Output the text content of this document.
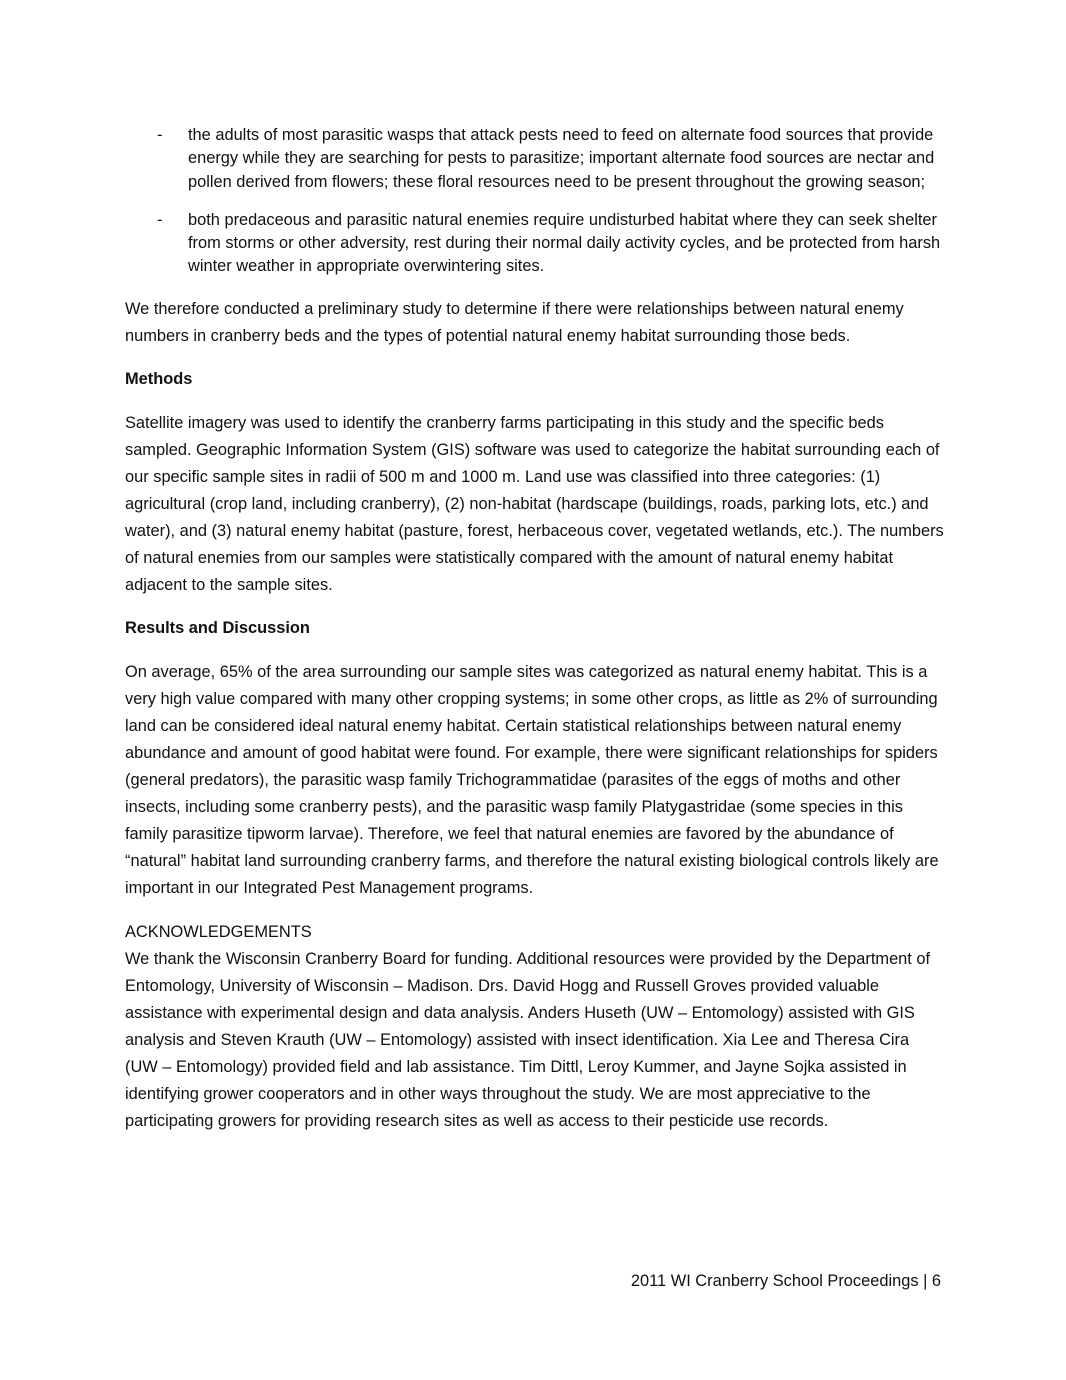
- the adults of most parasitic wasps that attack pests need to feed on alternate food sources that provide energy while they are searching for pests to parasitize; important alternate food sources are nectar and pollen derived from flowers; these floral resources need to be present throughout the growing season;
- both predaceous and parasitic natural enemies require undisturbed habitat where they can seek shelter from storms or other adversity, rest during their normal daily activity cycles, and be protected from harsh winter weather in appropriate overwintering sites.

We therefore conducted a preliminary study to determine if there were relationships between natural enemy numbers in cranberry beds and the types of potential natural enemy habitat surrounding those beds.

Methods

Satellite imagery was used to identify the cranberry farms participating in this study and the specific beds sampled. Geographic Information System (GIS) software was used to categorize the habitat surrounding each of our specific sample sites in radii of 500 m and 1000 m. Land use was classified into three categories: (1) agricultural (crop land, including cranberry), (2) non-habitat (hardscape (buildings, roads, parking lots, etc.) and water), and (3) natural enemy habitat (pasture, forest, herbaceous cover, vegetated wetlands, etc.). The numbers of natural enemies from our samples were statistically compared with the amount of natural enemy habitat adjacent to the sample sites.

Results and Discussion

On average, 65% of the area surrounding our sample sites was categorized as natural enemy habitat. This is a very high value compared with many other cropping systems; in some other crops, as little as 2% of surrounding land can be considered ideal natural enemy habitat. Certain statistical relationships between natural enemy abundance and amount of good habitat were found. For example, there were significant relationships for spiders (general predators), the parasitic wasp family Trichogrammatidae (parasites of the eggs of moths and other insects, including some cranberry pests), and the parasitic wasp family Platygastridae (some species in this family parasitize tipworm larvae). Therefore, we feel that natural enemies are favored by the abundance of “natural” habitat land surrounding cranberry farms, and therefore the natural existing biological controls likely are important in our Integrated Pest Management programs.

ACKNOWLEDGEMENTS

We thank the Wisconsin Cranberry Board for funding. Additional resources were provided by the Department of Entomology, University of Wisconsin – Madison. Drs. David Hogg and Russell Groves provided valuable assistance with experimental design and data analysis. Anders Huseth (UW – Entomology) assisted with GIS analysis and Steven Krauth (UW – Entomology) assisted with insect identification. Xia Lee and Theresa Cira (UW – Entomology) provided field and lab assistance. Tim Dittl, Leroy Kummer, and Jayne Sojka assisted in identifying grower cooperators and in other ways throughout the study. We are most appreciative to the participating growers for providing research sites as well as access to their pesticide use records.

2011 WI Cranberry School Proceedings | 6
